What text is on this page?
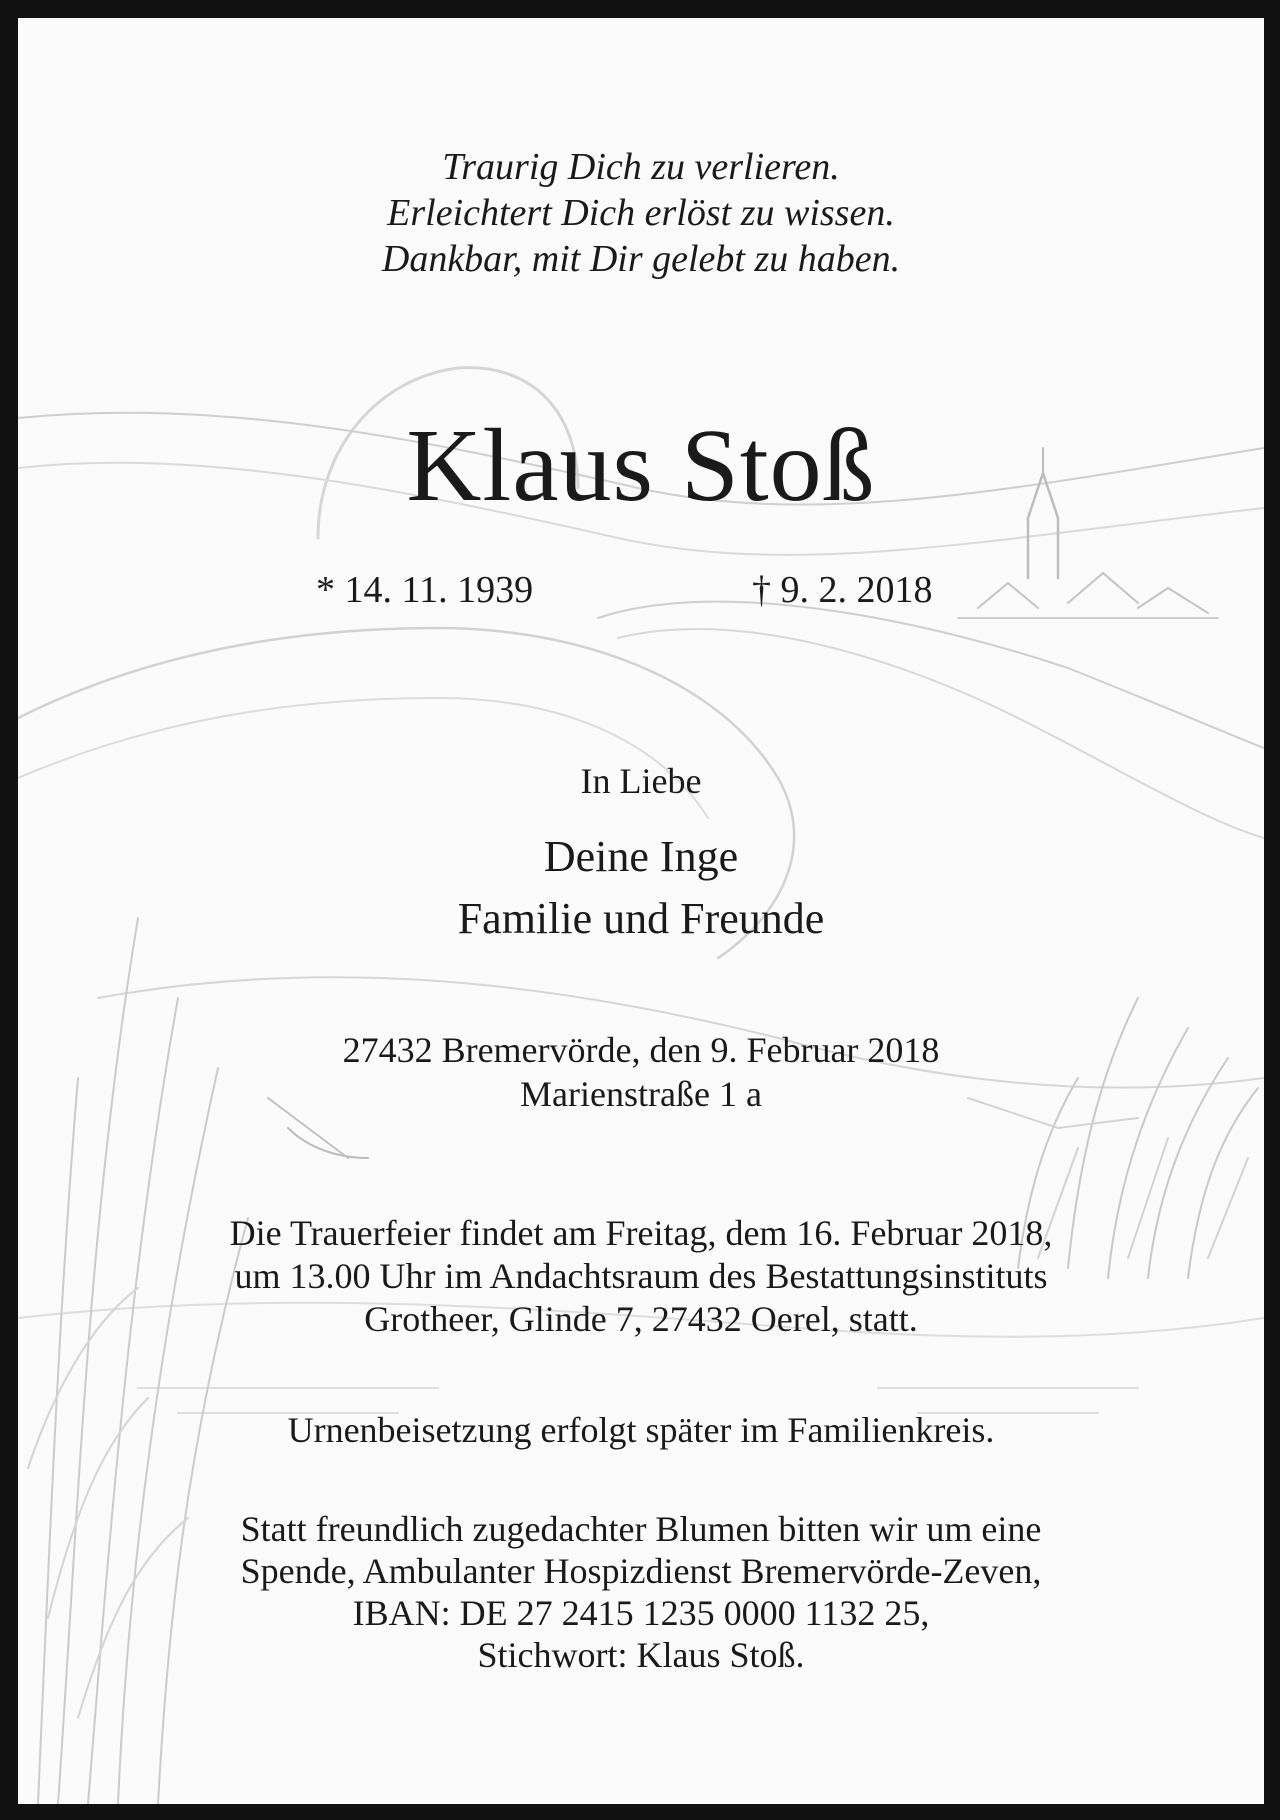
Traurig Dich zu verlieren.
Erleichtert Dich erlöst zu wissen.
Dankbar, mit Dir gelebt zu haben.
Klaus Stoß
* 14. 11. 1939	† 9. 2. 2018
In Liebe
Deine Inge
Familie und Freunde
27432 Bremervörde, den 9. Februar 2018
Marienstraße 1 a
Die Trauerfeier findet am Freitag, dem 16. Februar 2018,
um 13.00 Uhr im Andachtsraum des Bestattungsinstituts
Grotheer, Glinde 7, 27432 Oerel, statt.
Urnenbeisetzung erfolgt später im Familienkreis.
Statt freundlich zugedachter Blumen bitten wir um eine
Spende, Ambulanter Hospizdienst Bremervörde-Zeven,
IBAN: DE 27 2415 1235 0000 1132 25,
Stichwort: Klaus Stoß.
